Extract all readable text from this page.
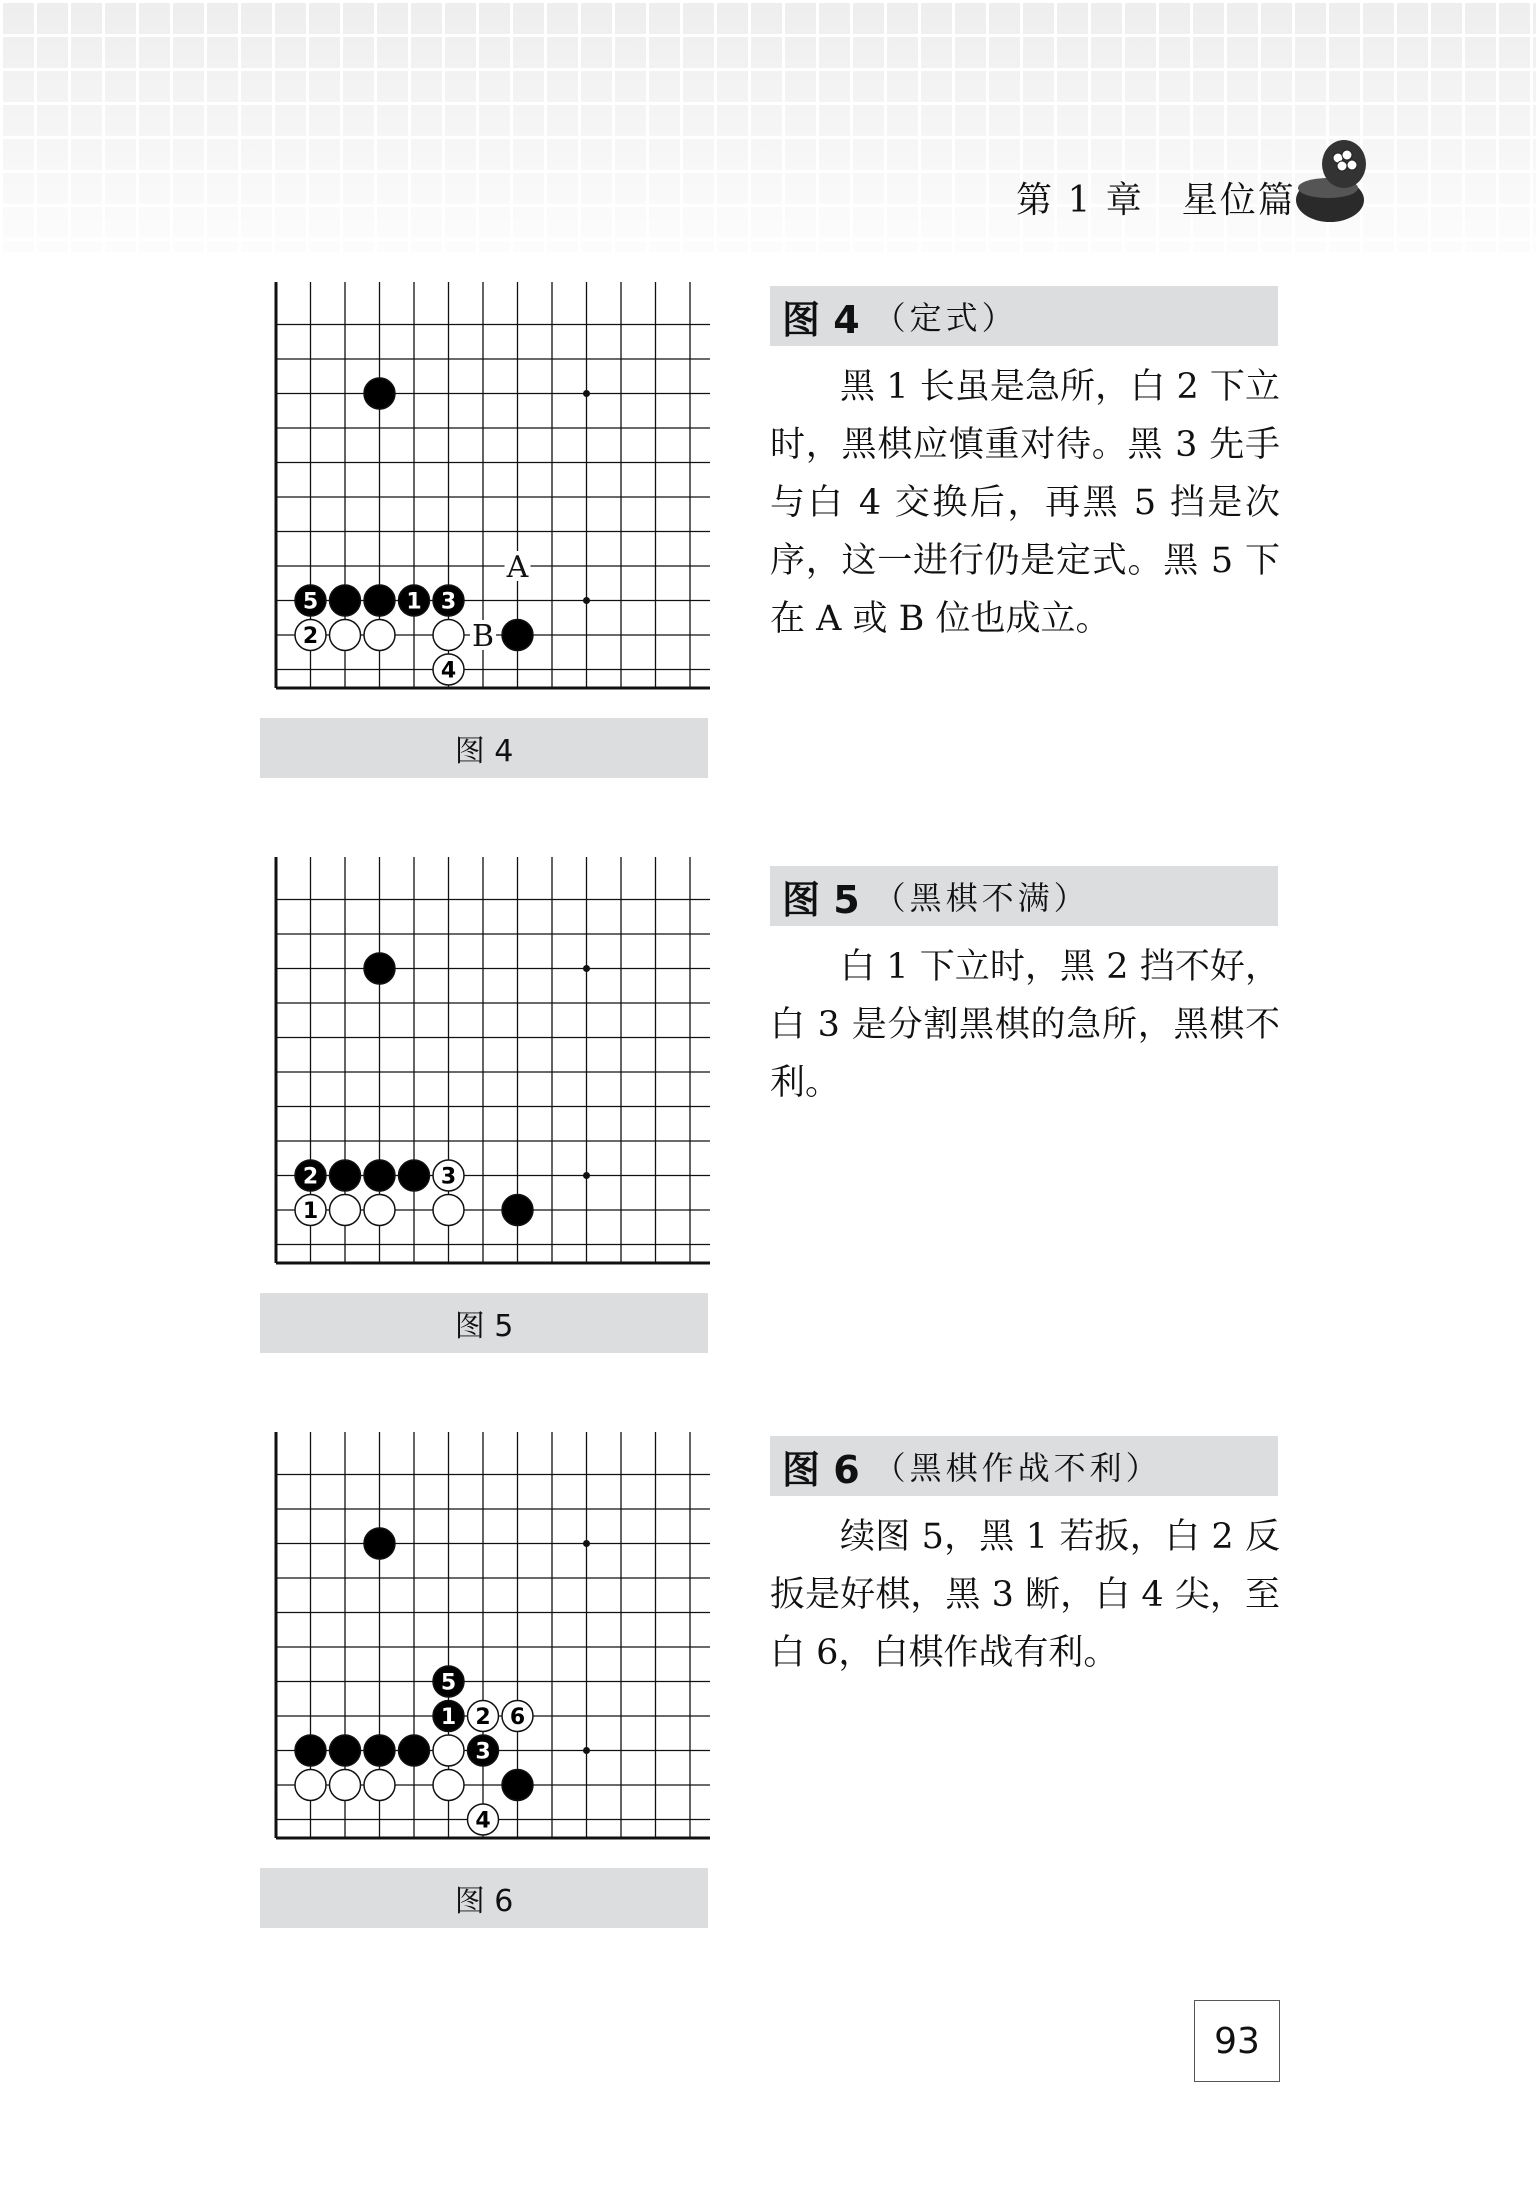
第 1 章　星位篇
5	1 3
2
4
A
B
图 4
图 4 （定式）

黑 1 长虽是急所，白 2 下立时，黑棋应慎重对待。黑 3 先手与白 4 交换后，再黑 5 挡是次序，这一进行仍是定式。黑 5 下在 A 或 B 位也成立。

2	3
1
图 5
图 5 （黑棋不满）

白 1 下立时，黑 2 挡不好，白 3 是分割黑棋的急所，黑棋不利。

5
1 2 6
3
4
图 6
图 6 （黑棋作战不利）

续图 5，黑 1 若扳，白 2 反扳是好棋，黑 3 断，白 4 尖，至白 6，白棋作战有利。

93
